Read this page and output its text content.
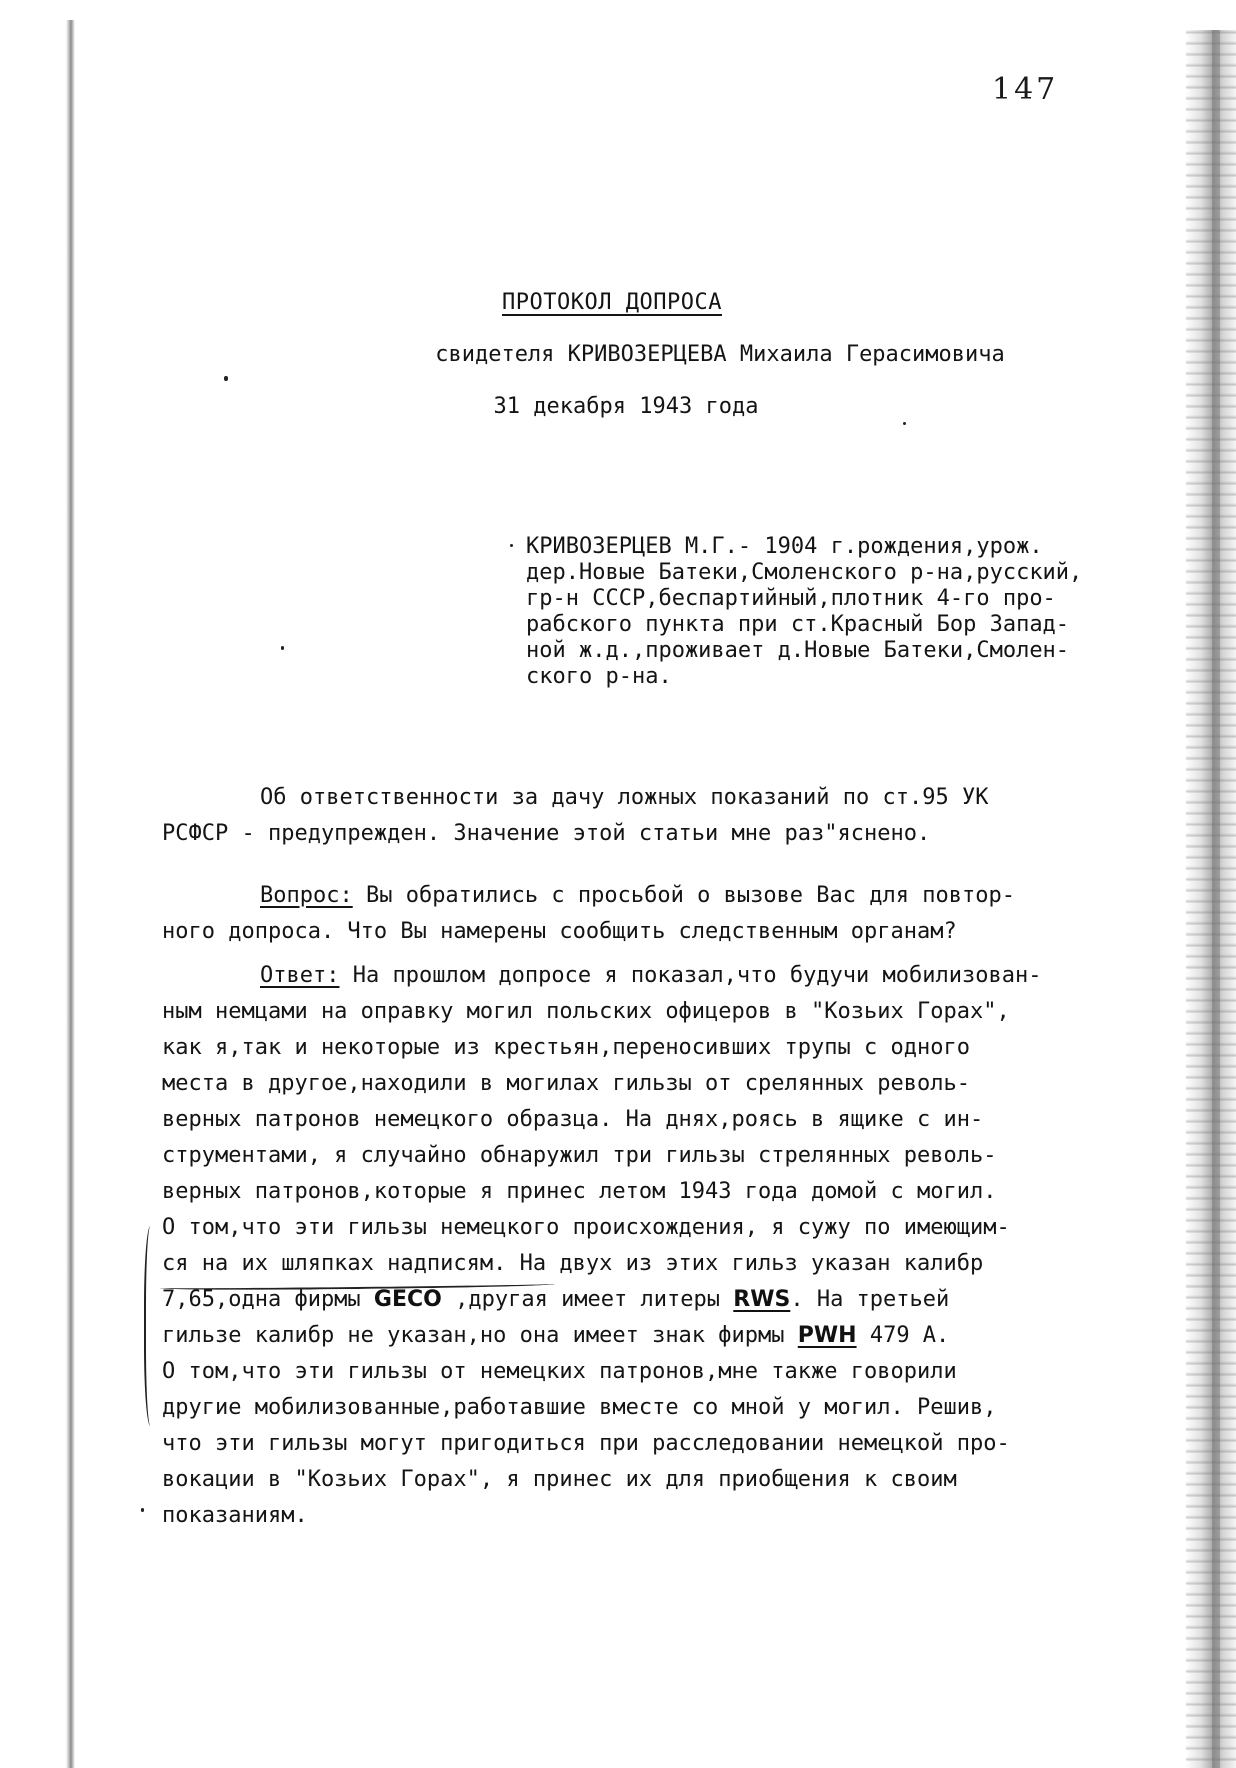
147
ПРОТОКОЛ ДОПРОСА
свидетеля КРИВОЗЕРЦЕВА Михаила Герасимовича
31 декабря 1943 года
КРИВОЗЕРЦЕВ М.Г.- 1904 г.рождения,урож.
дер.Новые Батеки,Смоленского р-на,русский,
гр-н СССР,беспартийный,плотник 4-го про-
рабского пункта при ст.Красный Бор Запад-
ной ж.д.,проживает д.Новые Батеки,Смолен-
ского р-на.
Об ответственности за дачу ложных показаний по ст.95 УК
РСФСР - предупрежден. Значение этой статьи мне раз"яснено.
Вопрос: Вы обратились с просьбой о вызове Вас для повтор-
ного допроса. Что Вы намерены сообщить следственным органам?
Ответ: На прошлом допросе я показал,что будучи мобилизован-
ным немцами на оправку могил польских офицеров в "Козьих Горах",
как я,так и некоторые из крестьян,переносивших трупы с одного
места в другое,находили в могилах гильзы от срелянных револь-
верных патронов немецкого образца. На днях,роясь в ящике с ин-
струментами, я случайно обнаружил три гильзы стрелянных револь-
верных патронов,которые я принес летом 1943 года домой с могил.
О том,что эти гильзы немецкого происхождения, я сужу по имеющим-
ся на их шляпках надписям. На двух из этих гильз указан калибр
7,65,одна фирмы GECO ,другая имеет литеры RWS. На третьей
гильзе калибр не указан,но она имеет знак фирмы PWH 479 А.
О том,что эти гильзы от немецких патронов,мне также говорили
другие мобилизованные,работавшие вместе со мной у могил. Решив,
что эти гильзы могут пригодиться при расследовании немецкой про-
вокации в "Козьих Горах", я принес их для приобщения к своим
показаниям.
